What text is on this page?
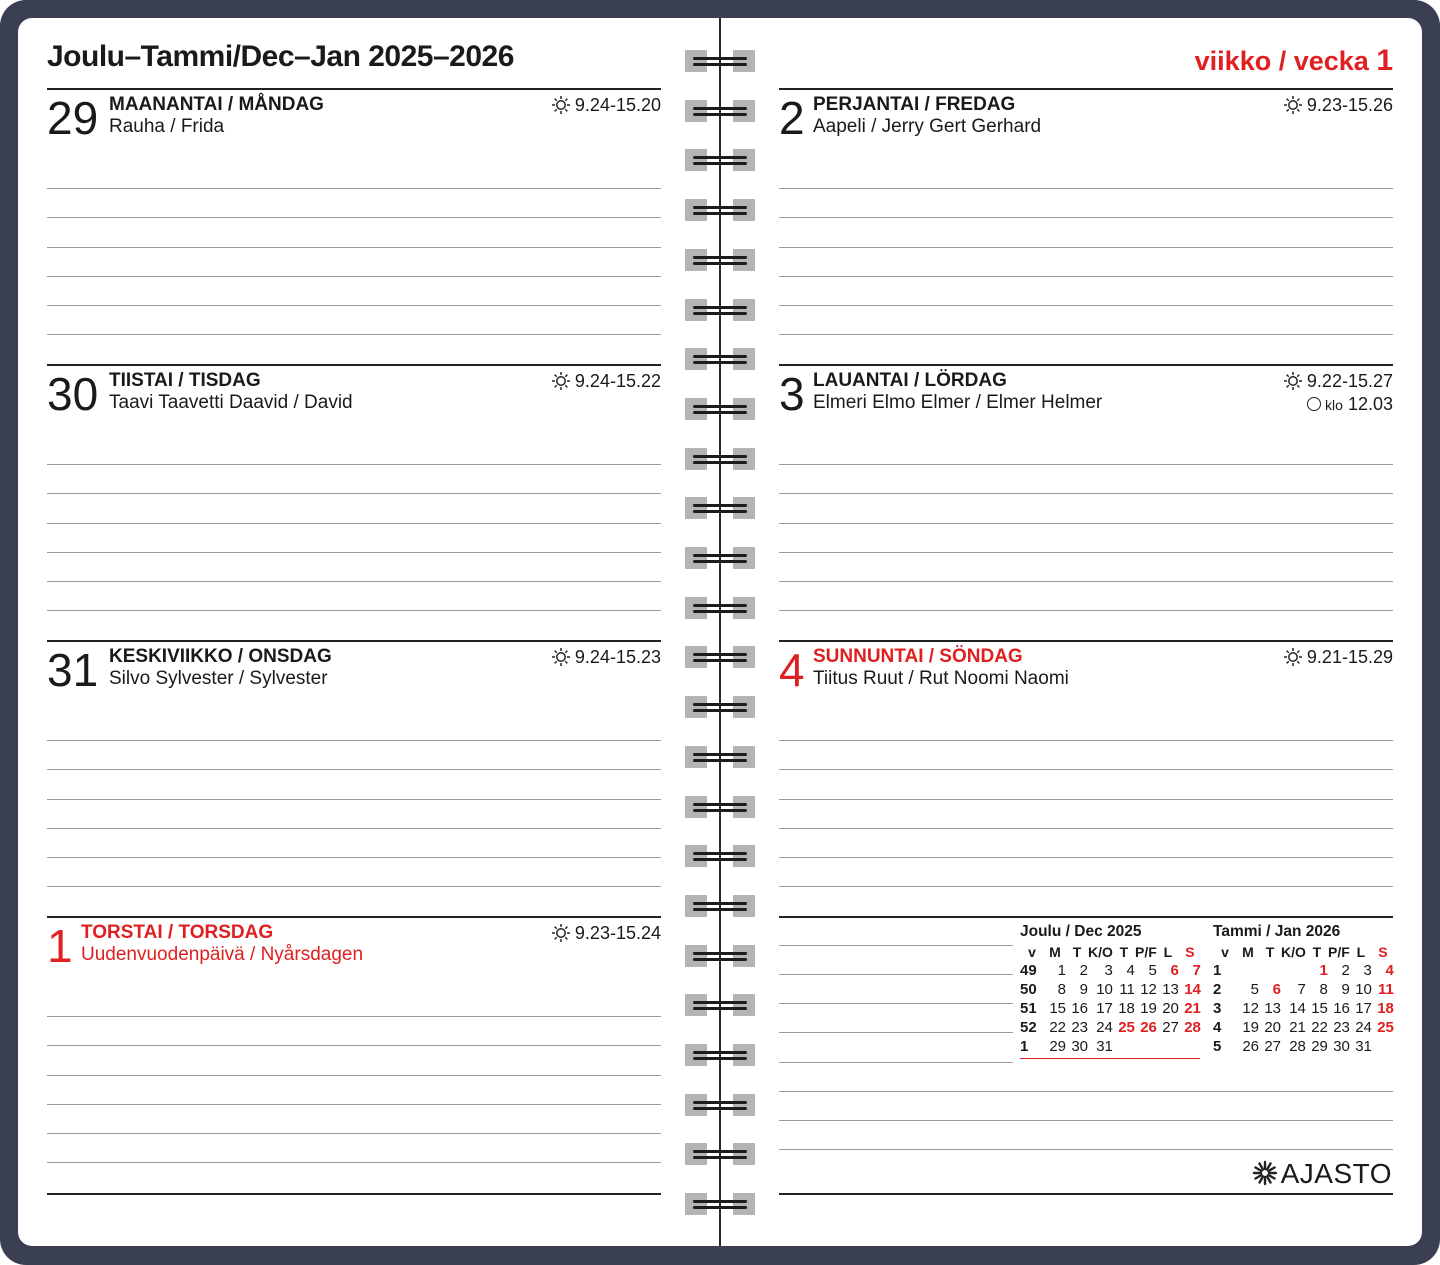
Joulu–Tammi/Dec–Jan 2025–2026	viikko / vecka 1
29 MAANANTAI / MÅNDAG
Rauha / Frida
9.24-15.20
30 TIISTAI / TISDAG
Taavi Taavetti Daavid / David
9.24-15.22
31 KESKIVIIKKO / ONSDAG
Silvo Sylvester / Sylvester
9.24-15.23
1 TORSTAI / TORSDAG
Uudenvuodenpäivä / Nyårsdagen
9.23-15.24
2 PERJANTAI / FREDAG
Aapeli / Jerry Gert Gerhard
9.23-15.26
3 LAUANTAI / LÖRDAG
Elmeri Elmo Elmer / Elmer Helmer
9.22-15.27
klo 12.03
4 SUNNUNTAI / SÖNDAG
Tiitus Ruut / Rut Noomi Naomi
9.21-15.29
Joulu / Dec 2025
v	M	T	K/O	T	P/F	L	S
49	1	2	3	4	5	6	7
50	8	9	10	11	12	13	14
51	15	16	17	18	19	20	21
52	22	23	24	25	26	27	28
1	29	30	31				
Tammi / Jan 2026
v	M	T	K/O	T	P/F	L	S
1				1	2	3	4
2	5	6	7	8	9	10	11
3	12	13	14	15	16	17	18
4	19	20	21	22	23	24	25
5	26	27	28	29	30	31	
AJASTO
